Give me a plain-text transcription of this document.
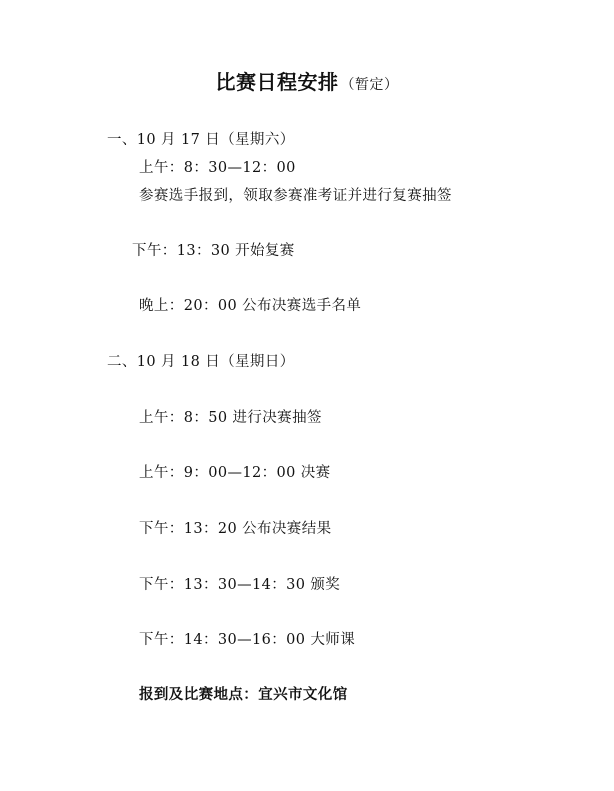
比赛日程安排 （暂定）
一、10 月 17 日（星期六）
上午：8：30—12：00
参赛选手报到，领取参赛准考证并进行复赛抽签
下午：13：30 开始复赛
晚上：20：00 公布决赛选手名单
二、10 月 18 日（星期日）
上午：8：50 进行决赛抽签
上午：9：00—12：00 决赛
下午：13：20 公布决赛结果
下午：13：30—14：30 颁奖
下午：14：30—16：00 大师课
报到及比赛地点：宜兴市文化馆
